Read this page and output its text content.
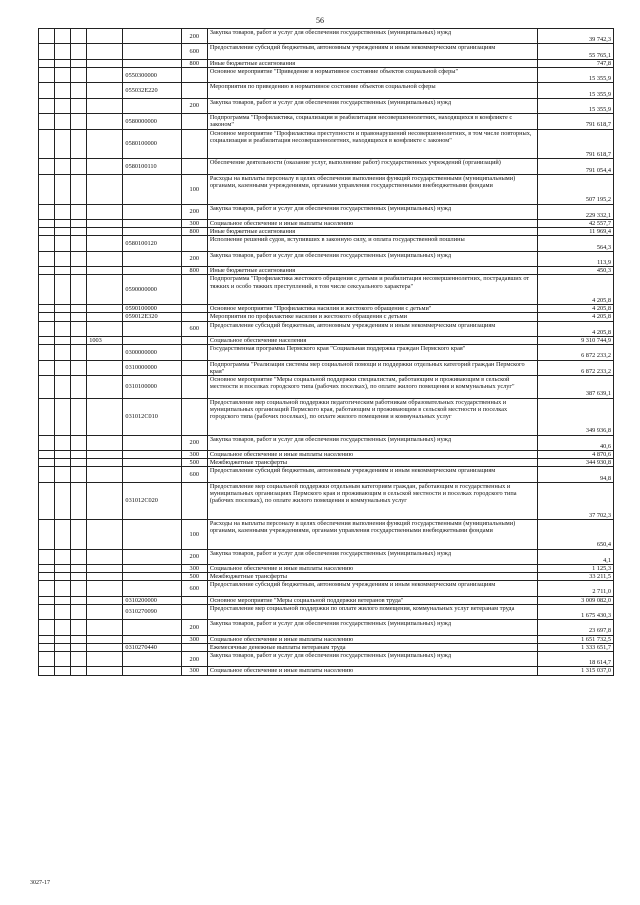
56
					200	Закупка товаров, работ и услуг для обеспечения государственных (муниципальных) нужд	39 742,3
					600	Предоставление субсидий бюджетным, автономным учреждениям и иным некоммерческим организациям	55 765,1
					800	Иные бюджетные ассигнования	747,8
				0550300000		Основное мероприятие "Приведение в нормативное состояние объектов социальной сферы"	15 355,9
				055032Е220		Мероприятия по приведению в нормативное состояние объектов социальной сферы	15 355,9
					200	Закупка товаров, работ и услуг для обеспечения государственных (муниципальных) нужд	15 355,9
				0580000000		Подпрограмма "Профилактика, социализация и реабилитация несовершеннолетних, находящихся в конфликте с законом"	791 618,7
				0580100000		Основное мероприятие "Профилактика преступности и правонарушений несовершеннолетних, в том числе повторных, социализация и реабилитация несовершеннолетних, находящихся в конфликте с законом"	791 618,7
				0580100110		Обеспечение деятельности (оказание услуг, выполнение работ) государственных учреждений (организаций)	791 054,4
					100	Расходы на выплаты персоналу в целях обеспечения выполнения функций государственными (муниципальными) органами, казенными учреждениями, органами управления государственными внебюджетными фондами	507 195,2
					200	Закупка товаров, работ и услуг для обеспечения государственных (муниципальных) нужд	229 332,1
					300	Социальное обеспечение и иные выплаты населению	42 557,7
					800	Иные бюджетные ассигнования	11 969,4
				0580100120		Исполнение решений судов, вступивших в законную силу, и оплата государственной пошлины	564,3
					200	Закупка товаров, работ и услуг для обеспечения государственных (муниципальных) нужд	113,9
					800	Иные бюджетные ассигнования	450,3
				0590000000		Подпрограмма "Профилактика жестокого обращения с детьми и реабилитация несовершеннолетних, пострадавших от тяжких и особо тяжких преступлений, в том числе сексуального характера"	4 205,8
				0590100000		Основное мероприятие "Профилактика насилия и жестокого обращения с детьми"	4 205,8
				059012Е320		Мероприятия по профилактике насилия и жестокого обращения с детьми	4 205,8
					600	Предоставление субсидий бюджетным, автономным учреждениям и иным некоммерческим организациям	4 205,8
			1003			Социальное обеспечение населения	9 310 744,9
				0300000000		Государственная программа Пермского края "Социальная поддержка граждан Пермского края"	6 872 233,2
				0310000000		Подпрограмма "Реализация системы мер социальной помощи и поддержки отдельных категорий граждан Пермского края"	6 872 233,2
				0310100000		Основное мероприятие "Меры социальной поддержки специалистам, работающим и проживающим в сельской местности и поселках городского типа (рабочих поселках), по оплате жилого помещения и коммунальных услуг"	387 639,1
				031012С010		Предоставление мер социальной поддержки педагогическим работникам образовательных государственных и муниципальных организаций Пермского края, работающим и проживающим в сельской местности и поселках городского типа (рабочих поселках), по оплате жилого помещения и коммунальных услуг	349 936,8
					200	Закупка товаров, работ и услуг для обеспечения государственных (муниципальных) нужд	40,6
					300	Социальное обеспечение и иные выплаты населению	4 870,6
					500	Межбюджетные трансферты	344 930,8
					600	Предоставление субсидий бюджетным, автономным учреждениям и иным некоммерческим организациям	94,8
				031012С020		Предоставление мер социальной поддержки отдельным категориям граждан, работающим в государственных и муниципальных организациях Пермского края и проживающим в сельской местности и поселках городского типа (рабочих поселках), по оплате жилого помещения и коммунальных услуг	37 702,3
					100	Расходы на выплаты персоналу в целях обеспечения выполнения функций государственными (муниципальными) органами, казенными учреждениями, органами управления государственными внебюджетными фондами	650,4
					200	Закупка товаров, работ и услуг для обеспечения государственных (муниципальных) нужд	4,1
					300	Социальное обеспечение и иные выплаты населению	1 125,3
					500	Межбюджетные трансферты	33 211,5
					600	Предоставление субсидий бюджетным, автономным учреждениям и иным некоммерческим организациям	2 711,0
				0310200000		Основное мероприятие "Меры социальной поддержки ветеранов труда"	3 009 082,0
				0310270090		Предоставление мер социальной поддержки по оплате жилого помещения, коммунальных услуг ветеранам труда	1 675 430,3
					200	Закупка товаров, работ и услуг для обеспечения государственных (муниципальных) нужд	23 697,8
					300	Социальное обеспечение и иные выплаты населению	1 651 732,5
				0310270440		Ежемесячные денежные выплаты ветеранам труда	1 333 651,7
					200	Закупка товаров, работ и услуг для обеспечения государственных (муниципальных) нужд	18 614,7
					300	Социальное обеспечение и иные выплаты населению	1 315 037,0
3027-17
